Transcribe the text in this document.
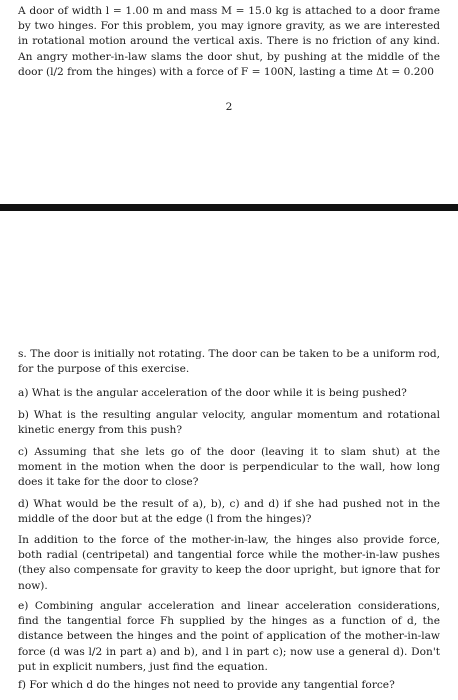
A door of width l = 1.00 m and mass M = 15.0 kg is attached to a door frame by two hinges. For this problem, you may ignore gravity, as we are interested in rotational motion around the vertical axis. There is no friction of any kind. An angry mother-in-law slams the door shut, by pushing at the middle of the door (l/2 from the hinges) with a force of F = 100N, lasting a time Δt = 0.200

2

s. The door is initially not rotating. The door can be taken to be a uniform rod, for the purpose of this exercise.

a) What is the angular acceleration of the door while it is being pushed?

b) What is the resulting angular velocity, angular momentum and rotational kinetic energy from this push?

c) Assuming that she lets go of the door (leaving it to slam shut) at the moment in the motion when the door is perpendicular to the wall, how long does it take for the door to close?

d) What would be the result of a), b), c) and d) if she had pushed not in the middle of the door but at the edge (l from the hinges)?

In addition to the force of the mother-in-law, the hinges also provide force, both radial (centripetal) and tangential force while the mother-in-law pushes (they also compensate for gravity to keep the door upright, but ignore that for now).

e) Combining angular acceleration and linear acceleration considerations, find the tangential force Fh supplied by the hinges as a function of d, the distance between the hinges and the point of application of the mother-in-law force (d was l/2 in part a) and b), and l in part c); now use a general d). Don't put in explicit numbers, just find the equation.

f) For which d do the hinges not need to provide any tangential force?
